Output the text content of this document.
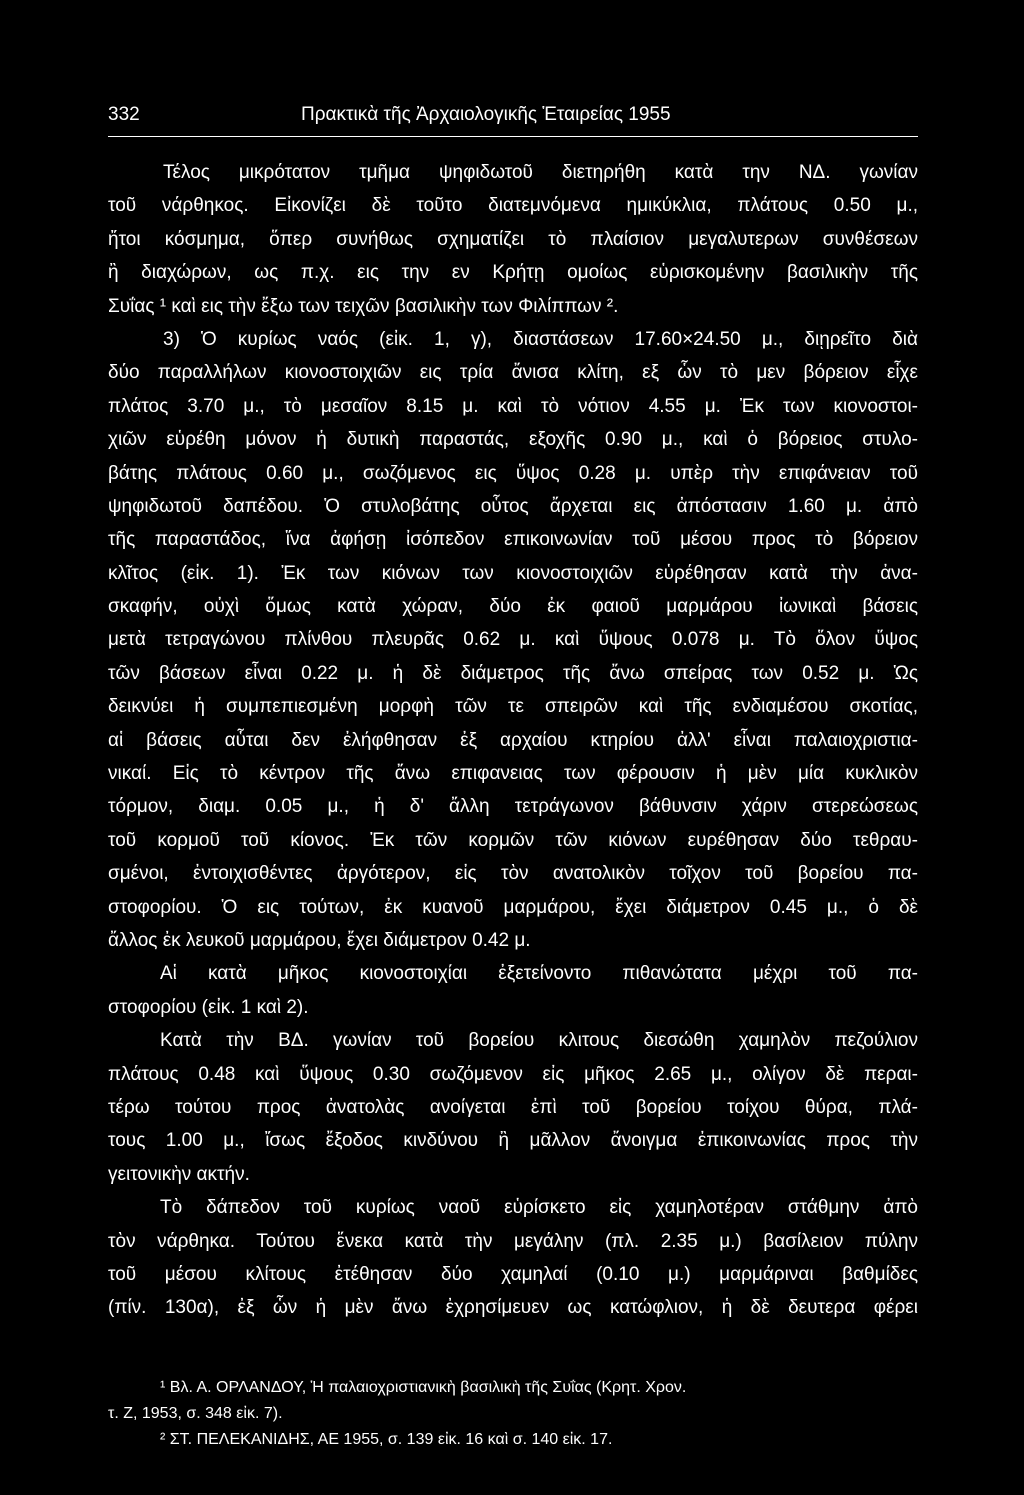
332	Πρακτικὰ τῆς Ἀρχαιολογικῆς Ἑταιρείας 1955
Τέλος μικρότατον τμῆμα ψηφιδωτοῦ διετηρήθη κατὰ την ΝΔ. γωνίαν
τοῦ νάρθηκος. Εἰκονίζει δὲ τοῦτο διατεμνόμενα ημικύκλια, πλάτους 0.50 μ.,
ἤτοι κόσμημα, ὅπερ συνήθως σχηματίζει τὸ πλαίσιον μεγαλυτερων συνθέσεων
ἢ διαχώρων, ως π.χ. εις την εν Κρήτῃ ομοίως εὑρισκομένην βασιλικὴν τῆς
Συΐας ¹ καὶ εις τὴν ἔξω των τειχῶν βασιλικὴν των Φιλίππων ².
3) Ὁ κυρίως ναός (εἰκ. 1, γ), διαστάσεων 17.60×24.50 μ., διῃρεῖτο διὰ
δύο παραλλήλων κιονοστοιχιῶν εις τρία ἄνισα κλίτη, εξ ὧν τὸ μεν βόρειον εἶχε
πλάτος 3.70 μ., τὸ μεσαῖον 8.15 μ. καὶ τὸ νότιον 4.55 μ. Ἐκ των κιονοστοι-
χιῶν εὑρέθη μόνον ἡ δυτικὴ παραστάς, εξοχῆς 0.90 μ., καὶ ὁ βόρειος στυλο-
βάτης πλάτους 0.60 μ., σωζόμενος εις ὕψος 0.28 μ. υπὲρ τὴν επιφάνειαν τοῦ
ψηφιδωτοῦ δαπέδου. Ὁ στυλοβάτης οὗτος ἄρχεται εις ἀπόστασιν 1.60 μ. ἀπὸ
τῆς παραστάδος, ἵνα ἀφήσῃ ἰσόπεδον επικοινωνίαν τοῦ μέσου προς τὸ βόρειον
κλῖτος (εἰκ. 1). Ἐκ των κιόνων των κιονοστοιχιῶν εὑρέθησαν κατὰ τὴν ἀνα-
σκαφήν, οὐχὶ ὅμως κατὰ χώραν, δύο ἐκ φαιοῦ μαρμάρου ἰωνικαὶ βάσεις
μετὰ τετραγώνου πλίνθου πλευρᾶς 0.62 μ. καὶ ὕψους 0.078 μ. Τὸ ὅλον ὕψος
τῶν βάσεων εἶναι 0.22 μ. ἡ δὲ διάμετρος τῆς ἄνω σπείρας των 0.52 μ. Ὡς
δεικνύει ἡ συμπεπιεσμένη μορφὴ τῶν τε σπειρῶν καὶ τῆς ενδιαμέσου σκοτίας,
αἱ βάσεις αὗται δεν ἐλήφθησαν ἐξ αρχαίου κτηρίου ἀλλ' εἶναι παλαιοχριστια-
νικαί. Εἰς τὸ κέντρον τῆς ἄνω επιφανειας των φέρουσιν ἡ μὲν μία κυκλικὸν
τόρμον, διαμ. 0.05 μ., ἡ δ' ἄλλη τετράγωνον βάθυνσιν χάριν στερεώσεως
τοῦ κορμοῦ τοῦ κίονος. Ἐκ τῶν κορμῶν τῶν κιόνων ευρέθησαν δύο τεθραυ-
σμένοι, ἐντοιχισθέντες ἀργότερον, εἰς τὸν ανατολικὸν τοῖχον τοῦ βορείου πα-
στοφορίου. Ὁ εις τούτων, ἐκ κυανοῦ μαρμάρου, ἔχει διάμετρον 0.45 μ., ὁ δὲ
ἄλλος ἐκ λευκοῦ μαρμάρου, ἔχει διάμετρον 0.42 μ.
Αἱ κατὰ μῆκος κιονοστοιχίαι ἐξετείνοντο πιθανώτατα μέχρι τοῦ πα-
στοφορίου (εἰκ. 1 καὶ 2).
Κατὰ τὴν ΒΔ. γωνίαν τοῦ βορείου κλιτους διεσώθη χαμηλὸν πεζούλιον
πλάτους 0.48 καὶ ὕψους 0.30 σωζόμενον εἰς μῆκος 2.65 μ., ολίγον δὲ περαι-
τέρω τούτου προς ἀνατολὰς ανοίγεται ἐπὶ τοῦ βορείου τοίχου θύρα, πλά-
τους 1.00 μ., ἴσως ἔξοδος κινδύνου ἢ μᾶλλον ἄνοιγμα ἐπικοινωνίας προς τὴν
γειτονικὴν ακτήν.
Τὸ δάπεδον τοῦ κυρίως ναοῦ εὑρίσκετο εἰς χαμηλοτέραν στάθμην ἀπὸ
τὸν νάρθηκα. Τούτου ἕνεκα κατὰ τὴν μεγάλην (πλ. 2.35 μ.) βασίλειον πύλην
τοῦ μέσου κλίτους ἐτέθησαν δύο χαμηλαί (0.10 μ.) μαρμάριναι βαθμίδες
(πίν. 130α), ἐξ ὧν ἡ μὲν ἄνω ἐχρησίμευεν ως κατώφλιον, ἡ δὲ δευτερα φέρει
¹ Βλ. Α. ΟΡΛΑΝΔΟΥ, Ἡ παλαιοχριστιανικὴ βασιλικὴ τῆς Συΐας (Κρητ. Χρον.
τ. Ζ, 1953, σ. 348 εἰκ. 7).
² ΣΤ. ΠΕΛΕΚΑΝΙΔΗΣ, ΑΕ 1955, σ. 139 εἰκ. 16 καὶ σ. 140 εἰκ. 17.
